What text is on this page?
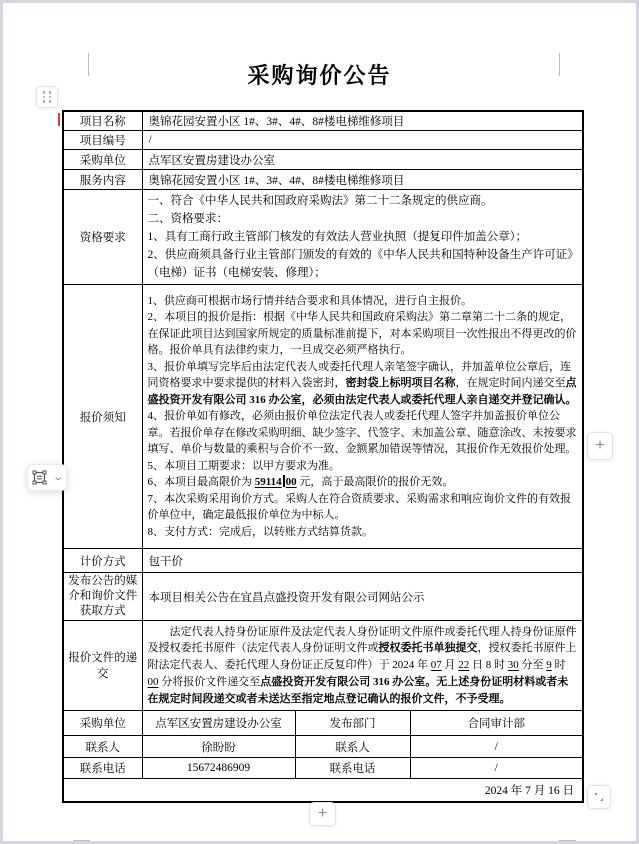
采购询价公告
项目名称	奥锦花园安置小区 1#、3#、4#、8#楼电梯维修项目		
项目编号	/		
采购单位	点军区安置房建设办公室		
服务内容	奥锦花园安置小区 1#、3#、4#、8#楼电梯维修项目		
资格要求	一、符合《中华人民共和国政府采购法》第二十二条规定的供应商。
二、资格要求：
1、具有工商行政主管部门核发的有效法人营业执照（提复印件加盖公章）；
2、供应商须具备行业主管部门颁发的有效的《中华人民共和国特种设备生产许可证》（电梯）证书（电梯安装、修理）；		

报价须知	
1、供应商可根据市场行情并结合要求和具体情况，进行自主报价。
2、本项目的报价是指：根据《中华人民共和国政府采购法》第二章第二十二条的规定，在保证此项目达到国家所规定的质量标准前提下，对本采购项目一次性报出不得更改的价格。报价单具有法律约束力，一旦成交必须严格执行。
3、报价单填写完毕后由法定代表人或委托代理人亲笔签字确认，并加盖单位公章后，连同资格要求中要求提供的材料入袋密封，密封袋上标明项目名称，在规定时间内递交至点盛投资开发有限公司 316 办公室，必须由法定代表人或委托代理人亲自递交并登记确认。
4、报价单如有修改，必须由报价单位法定代表人或委托代理人签字并加盖报价单位公章。若报价单存在修改采购明细、缺少签字、代签字、未加盖公章、随意涂改、未按要求填写、单价与数量的乘积与合价不一致、金额累加错误等情况，其报价作无效报价处理。
5、本项目工期要求：以甲方要求为准。
6、本项目最高限价为 59114 00 元，高于最高限价的报价无效。
7、本次采购采用询价方式。采购人在符合资质要求、采购需求和响应询价文件的有效报价单位中，确定最低报价单位为中标人。
8、支付方式：完成后，以转账方式结算货款。

计价方式	包干价		
发布公告的媒介和询价文件获取方式	本项目相关公告在宜昌点盛投资开发有限公司网站公示		
报价文件的递交	法定代表人持身份证原件及法定代表人身份证明文件原件或委托代理人持身份证原件及授权委托书原件（法定代表人身份证明文件或授权委托书单独提交，授权委托书原件上附法定代表人、委托代理人身份证正反复印件）于 2024 年 07 月 22 日 8 时 30 分至 9 时 00 分将报价文件递交至点盛投资开发有限公司 316 办公室。无上述身份证明材料或者未在规定时间段递交或者未送达至指定地点登记确认的报价文件，不予受理。		

采购单位	点军区安置房建设办公室	发布部门	合同审计部
联系人	徐盼盼	联系人	/
联系电话	15672486909	联系电话	/
2024 年 7 月 16 日			
⌄
+
+
